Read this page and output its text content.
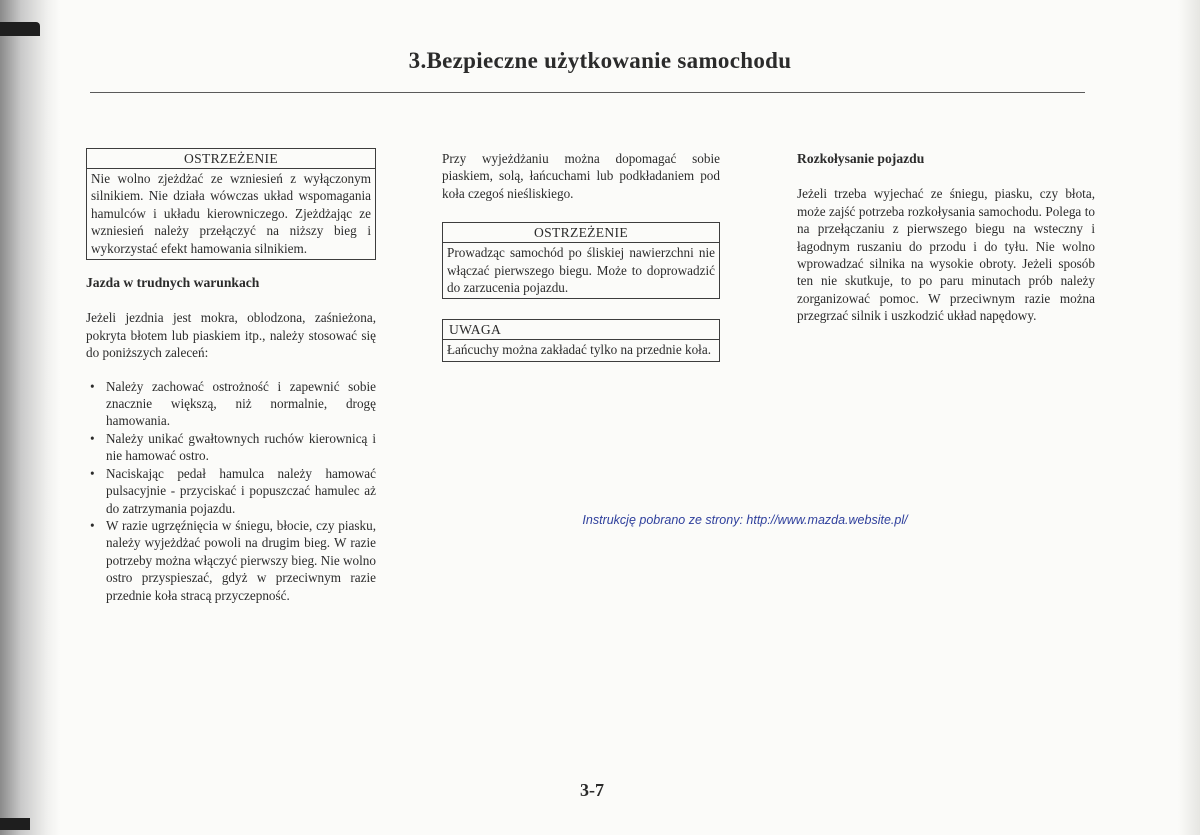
3.Bezpieczne użytkowanie samochodu
OSTRZEŻENIE
Nie wolno zjeżdżać ze wzniesień z wyłączonym silnikiem. Nie działa wówczas układ wspomagania hamulców i układu kierowniczego. Zjeżdżając ze wzniesień należy przełączyć na niższy bieg i wykorzystać efekt hamowania silnikiem.
Jazda w trudnych warunkach

Jeżeli jezdnia jest mokra, oblodzona, zaśnieżona, pokryta błotem lub piaskiem itp., należy stosować się do poniższych zaleceń:

• Należy zachować ostrożność i zapewnić sobie znacznie większą, niż normalnie, drogę hamowania.
• Należy unikać gwałtownych ruchów kierownicą i nie hamować ostro.
• Naciskając pedał hamulca należy hamować pulsacyjnie - przyciskać i popuszczać hamulec aż do zatrzymania pojazdu.
• W razie ugrzęźnięcia w śniegu, błocie, czy piasku, należy wyjeżdżać powoli na drugim bieg. W razie potrzeby można włączyć pierwszy bieg. Nie wolno ostro przyspieszać, gdyż w przeciwnym razie przednie koła stracą przyczepność.

Przy wyjeżdżaniu można dopomagać sobie piaskiem, solą, łańcuchami lub podkładaniem pod koła czegoś nieśliskiego.

OSTRZEŻENIE
Prowadząc samochód po śliskiej nawierzchni nie włączać pierwszego biegu. Może to doprowadzić do zarzucenia pojazdu.
UWAGA
Łańcuchy można zakładać tylko na przednie koła.
Rozkołysanie pojazdu

Jeżeli trzeba wyjechać ze śniegu, piasku, czy błota, może zajść potrzeba rozkołysania samochodu. Polega to na przełączaniu z pierwszego biegu na wsteczny i łagodnym ruszaniu do przodu i do tyłu. Nie wolno wprowadzać silnika na wysokie obroty. Jeżeli sposób ten nie skutkuje, to po paru minutach prób należy zorganizować pomoc. W przeciwnym razie można przegrzać silnik i uszkodzić układ napędowy.

Instrukcję pobrano ze strony: http://www.mazda.website.pl/
3-7
